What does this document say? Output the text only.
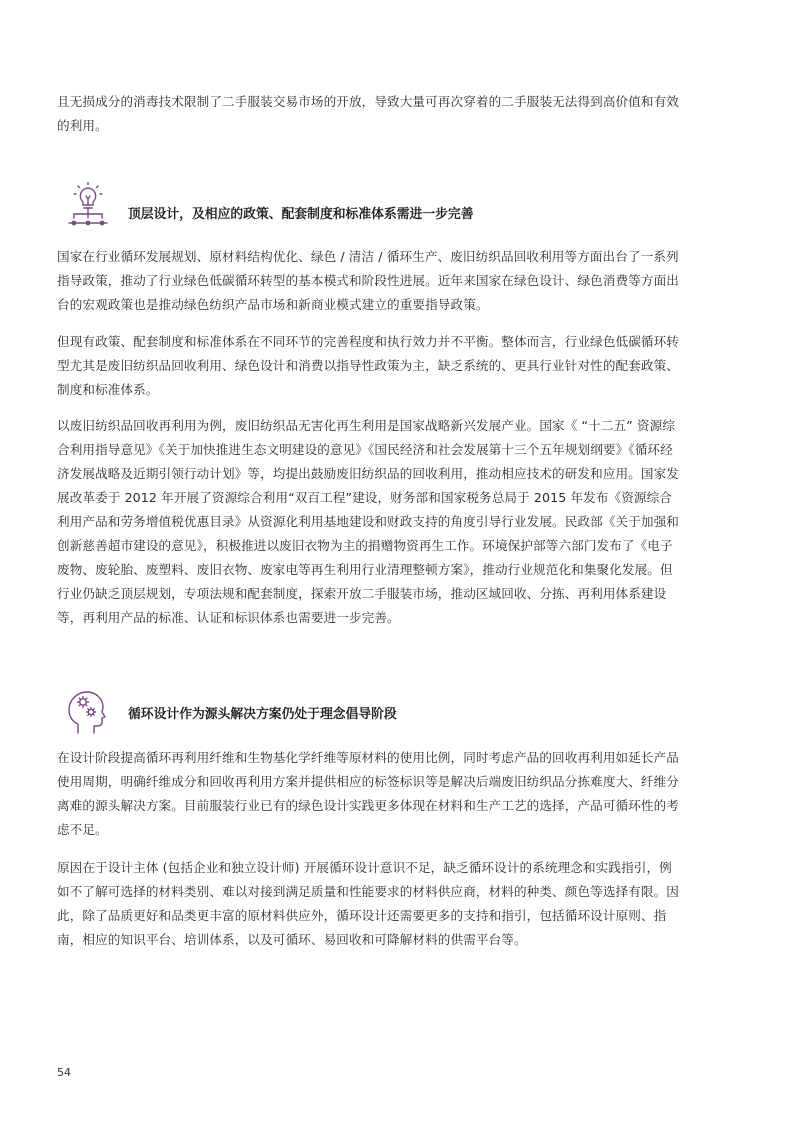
且无损成分的消毒技术限制了二手服装交易市场的开放，导致大量可再次穿着的二手服装无法得到高价值和有效的利用。

顶层设计，及相应的政策、配套制度和标准体系需进一步完善

国家在行业循环发展规划、原材料结构优化、绿色 / 清洁 / 循环生产、废旧纺织品回收利用等方面出台了一系列指导政策，推动了行业绿色低碳循环转型的基本模式和阶段性进展。近年来国家在绿色设计、绿色消费等方面出台的宏观政策也是推动绿色纺织产品市场和新商业模式建立的重要指导政策。

但现有政策、配套制度和标准体系在不同环节的完善程度和执行效力并不平衡。整体而言，行业绿色低碳循环转型尤其是废旧纺织品回收利用、绿色设计和消费以指导性政策为主，缺乏系统的、更具行业针对性的配套政策、制度和标准体系。

以废旧纺织品回收再利用为例，废旧纺织品无害化再生利用是国家战略新兴发展产业。国家《 “十二五” 资源综合利用指导意见》《关于加快推进生态文明建设的意见》《国民经济和社会发展第十三个五年规划纲要》《循环经济发展战略及近期引领行动计划》等，均提出鼓励废旧纺织品的回收利用，推动相应技术的研发和应用。国家发展改革委于 2012 年开展了资源综合利用“双百工程”建设，财务部和国家税务总局于 2015 年发布《资源综合利用产品和劳务增值税优惠目录》从资源化利用基地建设和财政支持的角度引导行业发展。民政部《关于加强和创新慈善超市建设的意见》，积极推进以废旧衣物为主的捐赠物资再生工作。环境保护部等六部门发布了《电子废物、废轮胎、废塑料、废旧衣物、废家电等再生利用行业清理整顿方案》，推动行业规范化和集聚化发展。但行业仍缺乏顶层规划，专项法规和配套制度，探索开放二手服装市场，推动区域回收、分拣、再利用体系建设等，再利用产品的标准、认证和标识体系也需要进一步完善。

循环设计作为源头解决方案仍处于理念倡导阶段

在设计阶段提高循环再利用纤维和生物基化学纤维等原材料的使用比例，同时考虑产品的回收再利用如延长产品使用周期，明确纤维成分和回收再利用方案并提供相应的标签标识等是解决后端废旧纺织品分拣难度大、纤维分离难的源头解决方案。目前服装行业已有的绿色设计实践更多体现在材料和生产工艺的选择，产品可循环性的考虑不足。

原因在于设计主体 (包括企业和独立设计师) 开展循环设计意识不足，缺乏循环设计的系统理念和实践指引，例如不了解可选择的材料类别、难以对接到满足质量和性能要求的材料供应商，材料的种类、颜色等选择有限。因此，除了品质更好和品类更丰富的原材料供应外，循环设计还需要更多的支持和指引，包括循环设计原则、指南，相应的知识平台、培训体系，以及可循环、易回收和可降解材料的供需平台等。

54
